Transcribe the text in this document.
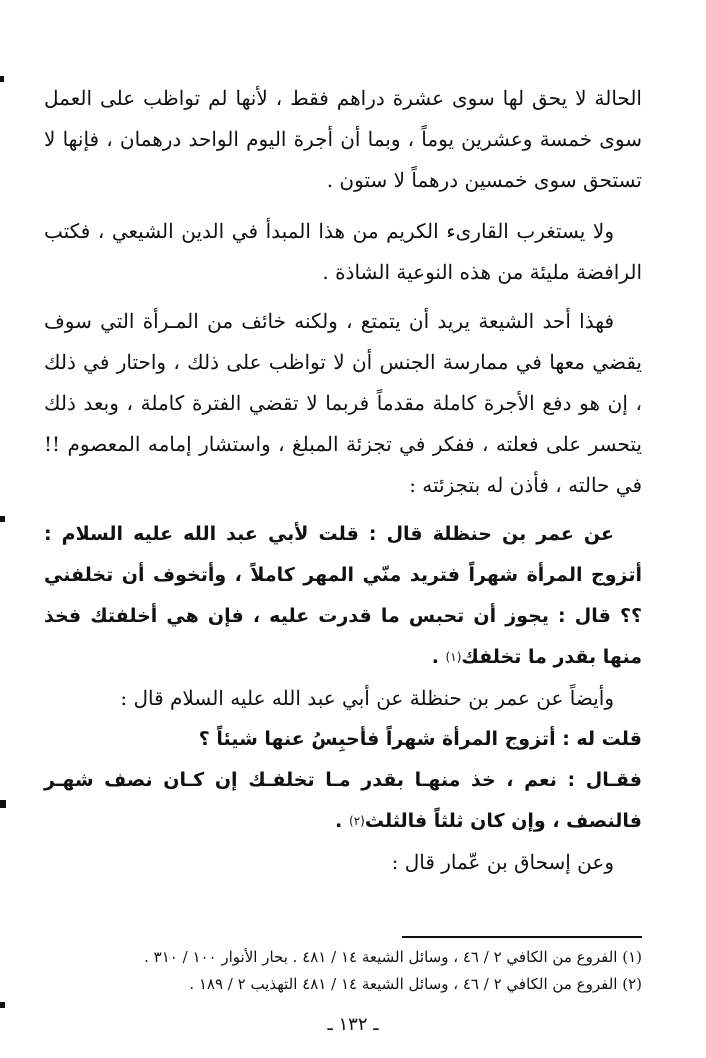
الحالة لا يحق لها سوى عشرة دراهم فقط ، لأنها لم تواظب على العمل سوى خمسة وعشرين يوماً ، وبما أن أجرة اليوم الواحد درهمان ، فإنها لا تستحق سوى خمسين درهماً لا ستون .

ولا يستغرب القارىء الكريم من هذا المبدأ في الدين الشيعي ، فكتب الرافضة مليئة من هذه النوعية الشاذة .

فهذا أحد الشيعة يريد أن يتمتع ، ولكنه خائف من المـرأة التي سوف يقضي معها في ممارسة الجنس أن لا تواظب على ذلك ، واحتار في ذلك ، إن هو دفع الأجرة كاملة مقدماً فربما لا تقضي الفترة كاملة ، وبعد ذلك يتحسر على فعلته ، ففكر في تجزئة المبلغ ، واستشار إمامه المعصوم !! في حالته ، فأذن له بتجزئته :

عن عمر بن حنظلة قال : قلت لأبي عبد الله عليه السلام : أتزوج المرأة شهراً فتريد منّي المهر كاملاً ، وأتخوف أن تخلفني ؟؟ قال : يجوز أن تحبس ما قدرت عليه ، فإن هي أخلفتك فخذ منها بقدر ما تخلفك(١) .

وأيضاً عن عمر بن حنظلة عن أبي عبد الله عليه السلام قال :

قلت له : أتزوج المرأة شهراً فأحبِسُ عنها شيئاً ؟

فقـال : نعم ، خذ منهـا بقدر مـا تخلفـك إن كـان نصف شهـر فالنصف ، وإن كان ثلثاً فالثلث(٢) .

وعن إسحاق بن عّمار قال :

(١) الفروع من الكافي ٢ / ٤٦ ، وسائل الشيعة ١٤ / ٤٨١ . بحار الأنوار ١٠٠ / ٣١٠ .

(٢) الفروع من الكافي ٢ / ٤٦ ، وسائل الشيعة ١٤ / ٤٨١ التهذيب ٢ / ١٨٩ .

ـ ١٣٢ ـ
